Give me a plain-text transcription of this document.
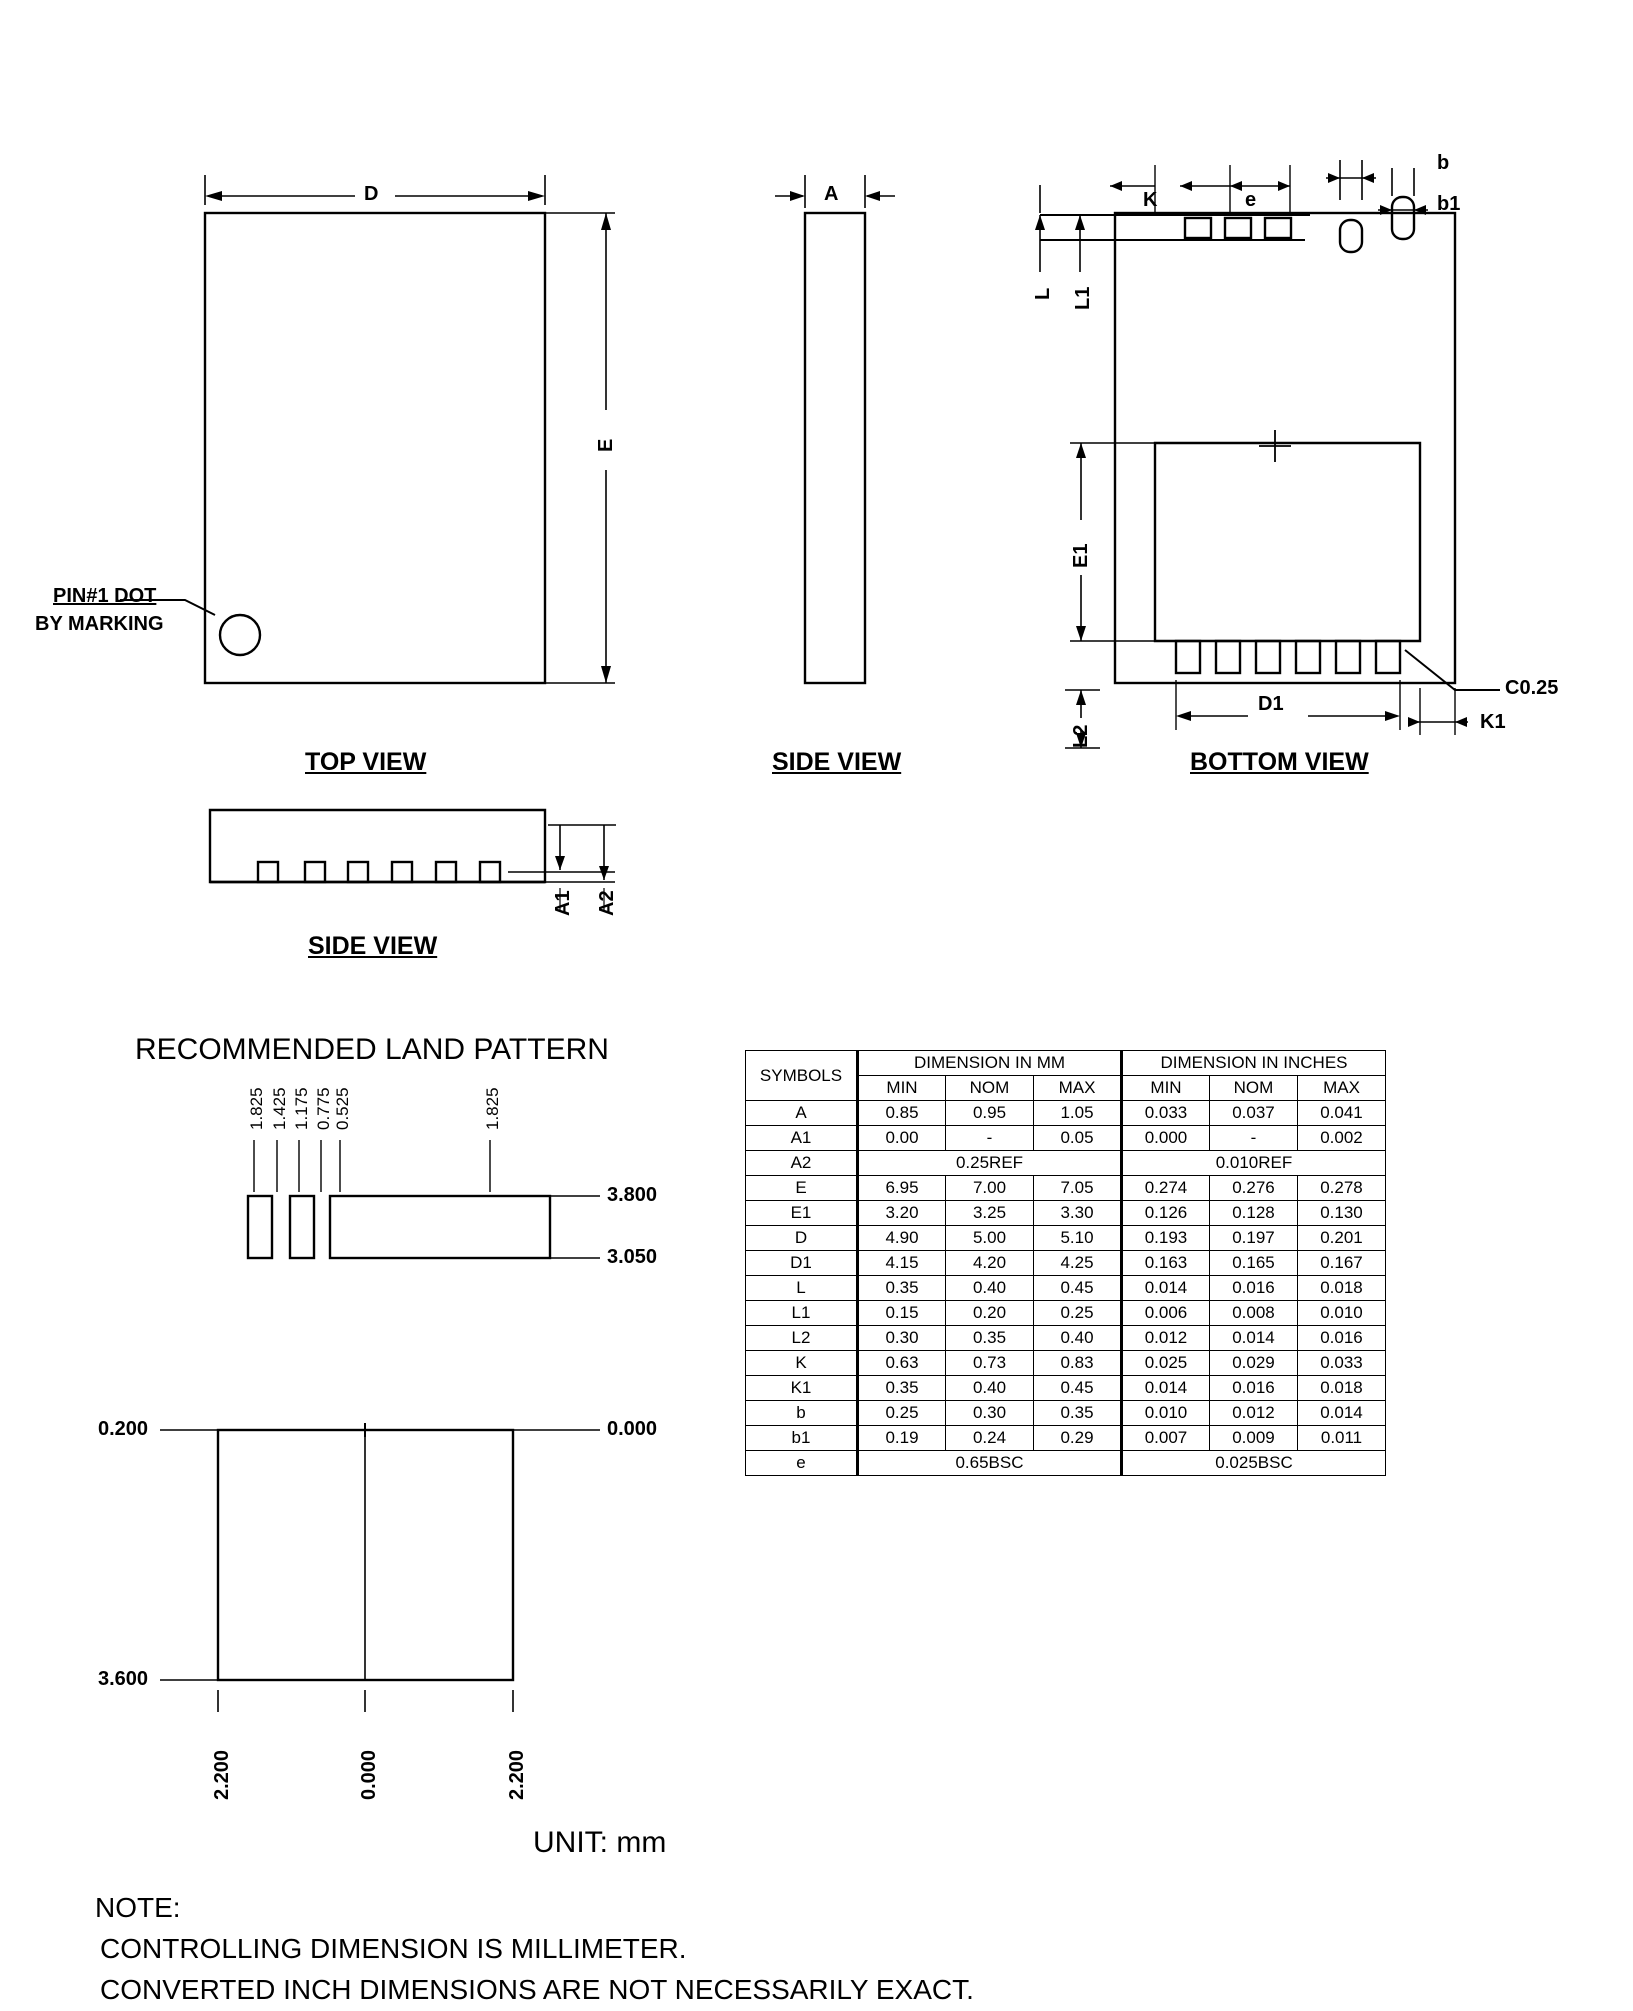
D
E
PIN#1 DOT
BY MARKING
TOP VIEW
A
SIDE VIEW
b
b1
K	e
L L1
E1
L2
D1
K1
C0.25
BOTTOM VIEW
A1 A2
SIDE VIEW
RECOMMENDED LAND PATTERN
1.825 1.425 1.175 0.775 0.525	1.825
3.800
3.050
0.200
3.600
0.000
2.200	0.000	2.200
UNIT: mm
NOTE:
CONTROLLING DIMENSION IS MILLIMETER.
CONVERTED INCH DIMENSIONS ARE NOT NECESSARILY EXACT.
SYMBOLS	DIMENSION IN MM			DIMENSION IN INCHES		
	MIN	NOM	MAX	MIN	NOM	MAX
A	0.85	0.95	1.05	0.033	0.037	0.041
A1	0.00	-	0.05	0.000	-	0.002
A2	0.25REF			0.010REF		
E	6.95	7.00	7.05	0.274	0.276	0.278
E1	3.20	3.25	3.30	0.126	0.128	0.130
D	4.90	5.00	5.10	0.193	0.197	0.201
D1	4.15	4.20	4.25	0.163	0.165	0.167
L	0.35	0.40	0.45	0.014	0.016	0.018
L1	0.15	0.20	0.25	0.006	0.008	0.010
L2	0.30	0.35	0.40	0.012	0.014	0.016
K	0.63	0.73	0.83	0.025	0.029	0.033
K1	0.35	0.40	0.45	0.014	0.016	0.018
b	0.25	0.30	0.35	0.010	0.012	0.014
b1	0.19	0.24	0.29	0.007	0.009	0.011
e	0.65BSC			0.025BSC		
